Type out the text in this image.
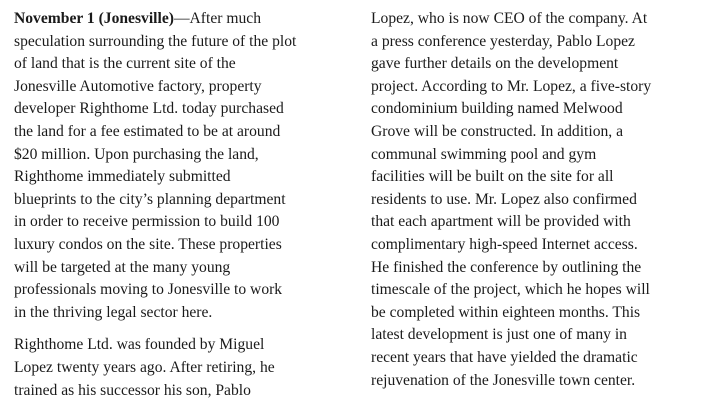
November 1 (Jonesville)—After much
speculation surrounding the future of the plot
of land that is the current site of the
Jonesville Automotive factory, property
developer Righthome Ltd. today purchased
the land for a fee estimated to be at around
$20 million. Upon purchasing the land,
Righthome immediately submitted
blueprints to the city’s planning department
in order to receive permission to build 100
luxury condos on the site. These properties
will be targeted at the many young
professionals moving to Jonesville to work
in the thriving legal sector here.
Righthome Ltd. was founded by Miguel
Lopez twenty years ago. After retiring, he
trained as his successor his son, Pablo
Lopez, who is now CEO of the company. At
a press conference yesterday, Pablo Lopez
gave further details on the development
project. According to Mr. Lopez, a five-story
condominium building named Melwood
Grove will be constructed. In addition, a
communal swimming pool and gym
facilities will be built on the site for all
residents to use. Mr. Lopez also confirmed
that each apartment will be provided with
complimentary high-speed Internet access.
He finished the conference by outlining the
timescale of the project, which he hopes will
be completed within eighteen months. This
latest development is just one of many in
recent years that have yielded the dramatic
rejuvenation of the Jonesville town center.
